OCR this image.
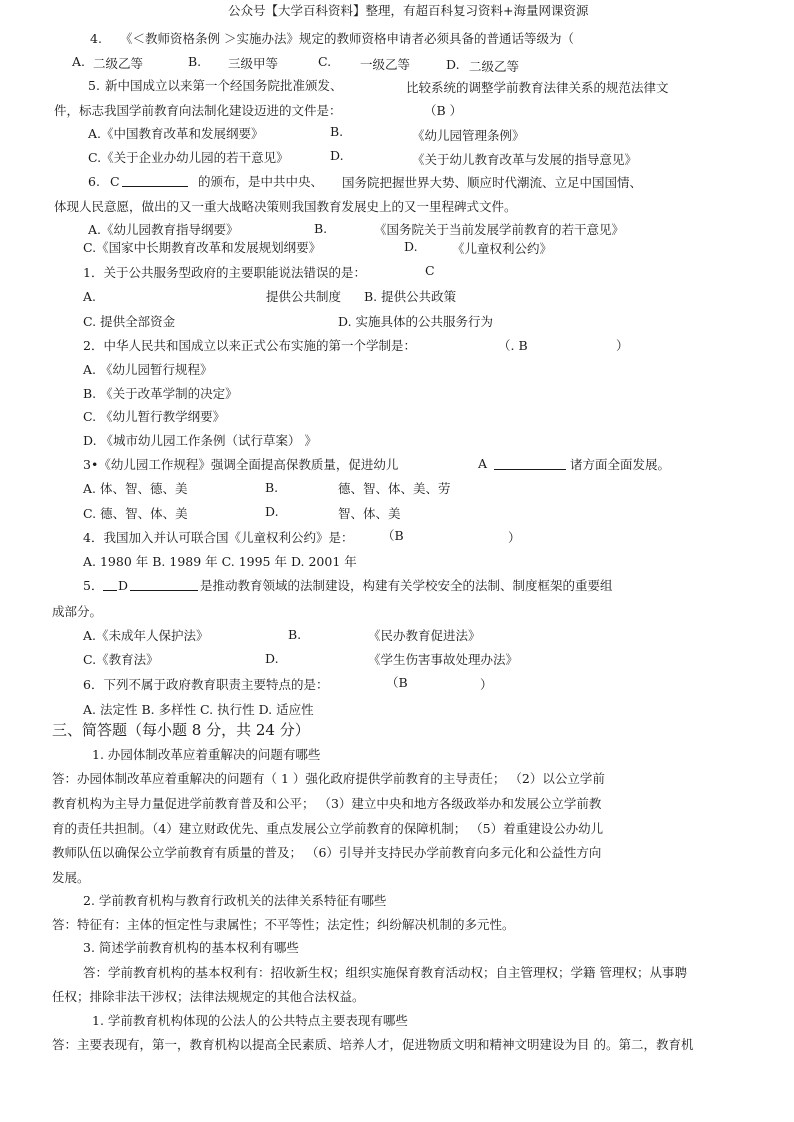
公众号【大学百科资料】整理，有超百科复习资料+海量网课资源
4. 《＜教师资格条例 ＞实施办法》规定的教师资格申请者必须具备的普通话等级为（
A. 二级乙等	B. 三级甲等	C. 一级乙等	D. 二级乙等
5. 新中国成立以来第一个经国务院批准颁发、	比较系统的调整学前教育法律关系的规范法律文
件，标志我国学前教育向法制化建设迈进的文件是：	（B ）
A.《中国教育改革和发展纲要》	B.	《幼儿园管理条例》
C.《关于企业办幼儿园的若干意见》	D.	《关于幼儿教育改革与发展的指导意见》
6. C	的颁布，是中共中央、 国务院把握世界大势、顺应时代潮流、立足中国国情、
体现人民意愿，做出的又一重大战略决策则我国教育发展史上的又一里程碑式文件。
A.《幼儿园教育指导纲要》	B.	《国务院关于当前发展学前教育的若干意见》
C.《国家中长期教育改革和发展规划纲要》	D.	《儿童权利公约》
1．关于公共服务型政府的主要职能说法错误的是：	C
A.	提供公共制度 B. 提供公共政策
C. 提供全部资金	D. 实施具体的公共服务行为
2．中华人民共和国成立以来正式公布实施的第一个学制是：	（. B	）
A. 《幼儿园暂行规程》
B. 《关于改革学制的决定》
C. 《幼儿暂行教学纲要》
D. 《城市幼儿园工作条例（试行草案） 》
3•《幼儿园工作规程》强调全面提高保教质量，促进幼儿	A	诸方面全面发展。
A. 体、智、德、美	B.	德、智、体、美、劳
C. 德、智、体、美	D.	智、体、美
4．我国加入并认可联合国《儿童权利公约》是： （B	）
A. 1980 年 B. 1989 年 C. 1995 年 D. 2001 年
5． D	是推动教育领域的法制建设，构建有关学校安全的法制、制度框架的重要组
成部分。
A.《未成年人保护法》	B.	《民办教育促进法》
C.《教育法》	D.	《学生伤害事故处理办法》
6．下列不属于政府教育职责主要特点的是：	（B	）
A. 法定性 B. 多样性 C. 执行性 D. 适应性
三、简答题（每小题 8 分，共 24 分）
1. 办园体制改革应着重解决的问题有哪些
答：办园体制改革应着重解决的问题有（ 1 ）强化政府提供学前教育的主导责任； （2）以公立学前
教育机构为主导力量促进学前教育普及和公平； （3）建立中央和地方各级政举办和发展公立学前教
育的责任共担制。（4）建立财政优先、重点发展公立学前教育的保障机制； （5）着重建设公办幼儿
教师队伍以确保公立学前教育有质量的普及； （6）引导并支持民办学前教育向多元化和公益性方向
发展。
2. 学前教育机构与教育行政机关的法律关系特征有哪些
答：特征有：主体的恒定性与隶属性；不平等性；法定性；纠纷解决机制的多元性。
3. 简述学前教育机构的基本权利有哪些
答：学前教育机构的基本权利有：招收新生权；组织实施保育教育活动权；自主管理权；学籍 管理权；从事聘
任权；排除非法干涉权；法律法规规定的其他合法权益。
1. 学前教育机构体现的公法人的公共特点主要表现有哪些
答：主要表现有，第一，教育机构以提高全民素质、培养人才，促进物质文明和精神文明建设为目 的。第二，教育机
